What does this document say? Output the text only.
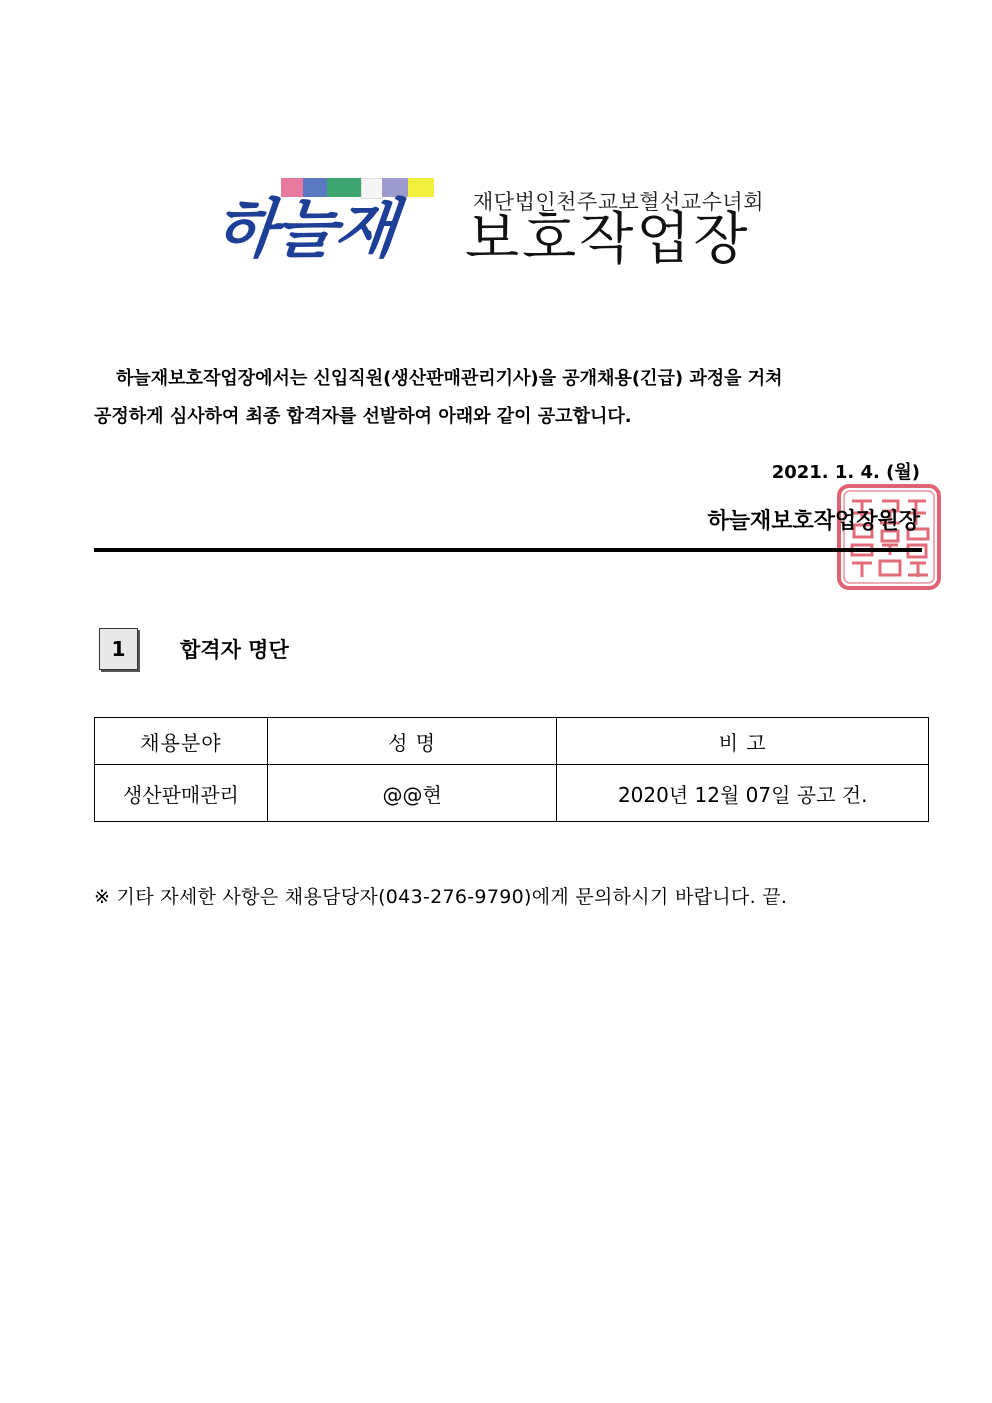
하늘재	재단법인천주교보혈선교수녀회
보호작업장

하늘재보호작업장에서는 신입직원(생산판매관리기사)을 공개채용(긴급) 과정을 거쳐

공정하게 심사하여 최종 합격자를 선발하여 아래와 같이 공고합니다.

2021. 1. 4. (월)
하늘재보호작업장원장
1	합격자 명단
채용분야	성 명	비 고
생산판매관리	@@현	2020년 12월 07일 공고 건.
※ 기타 자세한 사항은 채용담당자(043-276-9790)에게 문의하시기 바랍니다. 끝.
